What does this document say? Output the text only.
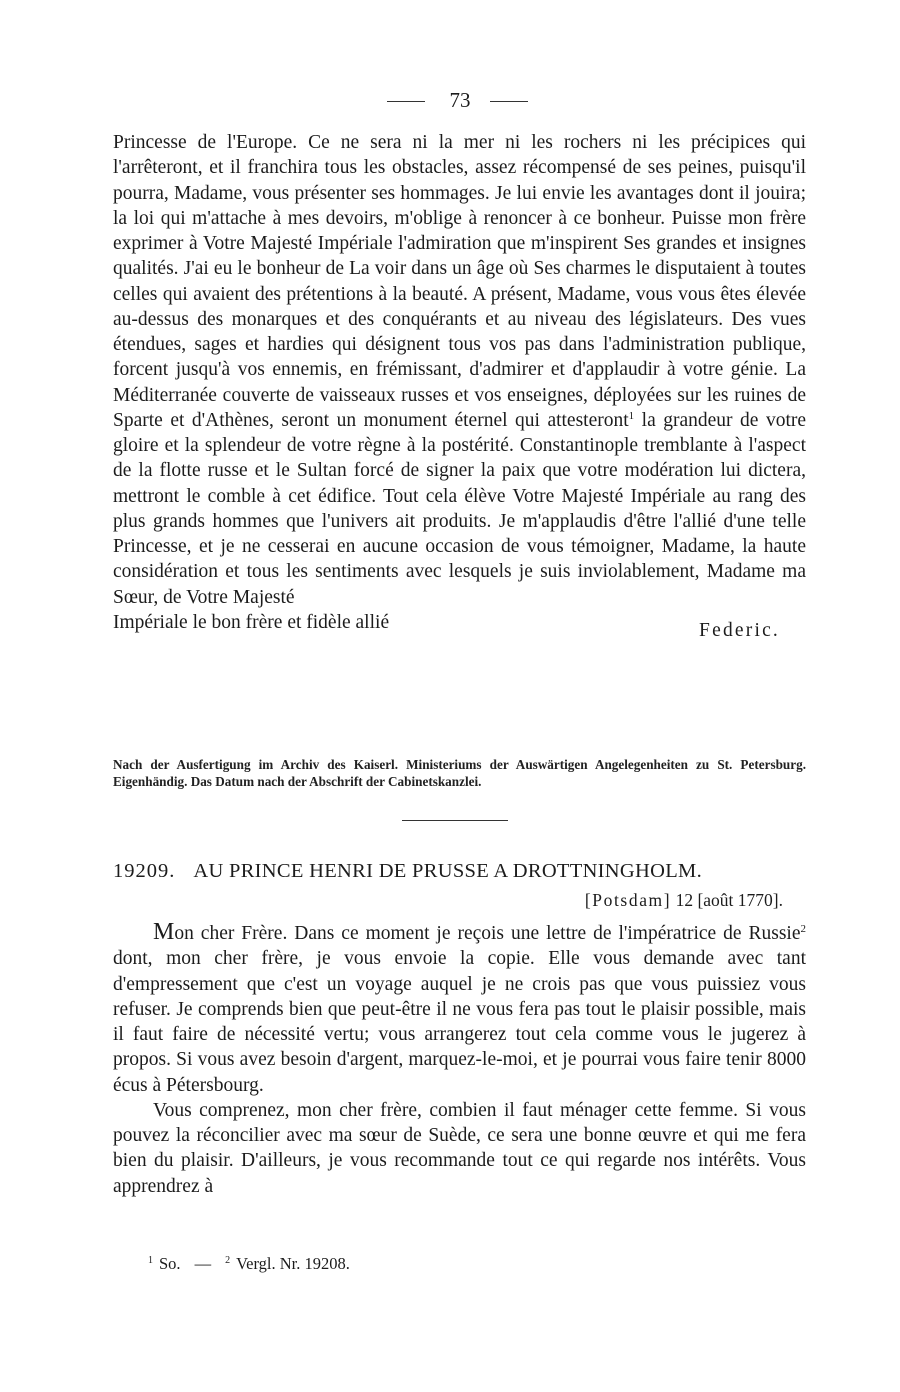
73

Princesse de l'Europe. Ce ne sera ni la mer ni les rochers ni les précipices qui l'arrêteront, et il franchira tous les obstacles, assez récompensé de ses peines, puisqu'il pourra, Madame, vous présenter ses hommages. Je lui envie les avantages dont il jouira; la loi qui m'attache à mes devoirs, m'oblige à renoncer à ce bonheur. Puisse mon frère exprimer à Votre Majesté Impériale l'admiration que m'inspirent Ses grandes et insignes qualités. J'ai eu le bonheur de La voir dans un âge où Ses charmes le disputaient à toutes celles qui avaient des prétentions à la beauté. A présent, Madame, vous vous êtes élevée au-dessus des monarques et des conquérants et au niveau des législateurs. Des vues étendues, sages et hardies qui désignent tous vos pas dans l'administration publique, forcent jusqu'à vos ennemis, en frémissant, d'admirer et d'applaudir à votre génie. La Méditerranée couverte de vaisseaux russes et vos enseignes, déployées sur les ruines de Sparte et d'Athènes, seront un monument éternel qui attesteront$^1$ la grandeur de votre gloire et la splendeur de votre règne à la postérité. Constantinople tremblante à l'aspect de la flotte russe et le Sultan forcé de signer la paix que votre modération lui dictera, mettront le comble à cet édifice. Tout cela élève Votre Majesté Impériale au rang des plus grands hommes que l'univers ait produits. Je m'applaudis d'être l'allié d'une telle Princesse, et je ne cesserai en aucune occasion de vous témoigner, Madame, la haute considération et tous les sentiments avec lesquels je suis inviolablement, Madame ma Sœur, de Votre Majesté

Impériale le bon frère et fidèle allié	Federic.
Nach der Ausfertigung im Archiv des Kaiserl. Ministeriums der Auswärtigen Angelegenheiten zu St. Petersburg. Eigenhändig. Das Datum nach der Abschrift der Cabinetskanzlei.
19209. AU PRINCE HENRI DE PRUSSE A DROTTNINGHOLM.
[Potsdam] 12 [août 1770].

Mon cher Frère. Dans ce moment je reçois une lettre de l'impératrice de Russie$^2$ dont, mon cher frère, je vous envoie la copie. Elle vous demande avec tant d'empressement que c'est un voyage auquel je ne crois pas que vous puissiez vous refuser. Je comprends bien que peut-être il ne vous fera pas tout le plaisir possible, mais il faut faire de nécessité vertu; vous arrangerez tout cela comme vous le jugerez à propos. Si vous avez besoin d'argent, marquez-le-moi, et je pourrai vous faire tenir 8000 écus à Pétersbourg.

Vous comprenez, mon cher frère, combien il faut ménager cette femme. Si vous pouvez la réconcilier avec ma sœur de Suède, ce sera une bonne œuvre et qui me fera bien du plaisir. D'ailleurs, je vous recommande tout ce qui regarde nos intérêts. Vous apprendrez à

$^1$ So. — $^2$ Vergl. Nr. 19208.
